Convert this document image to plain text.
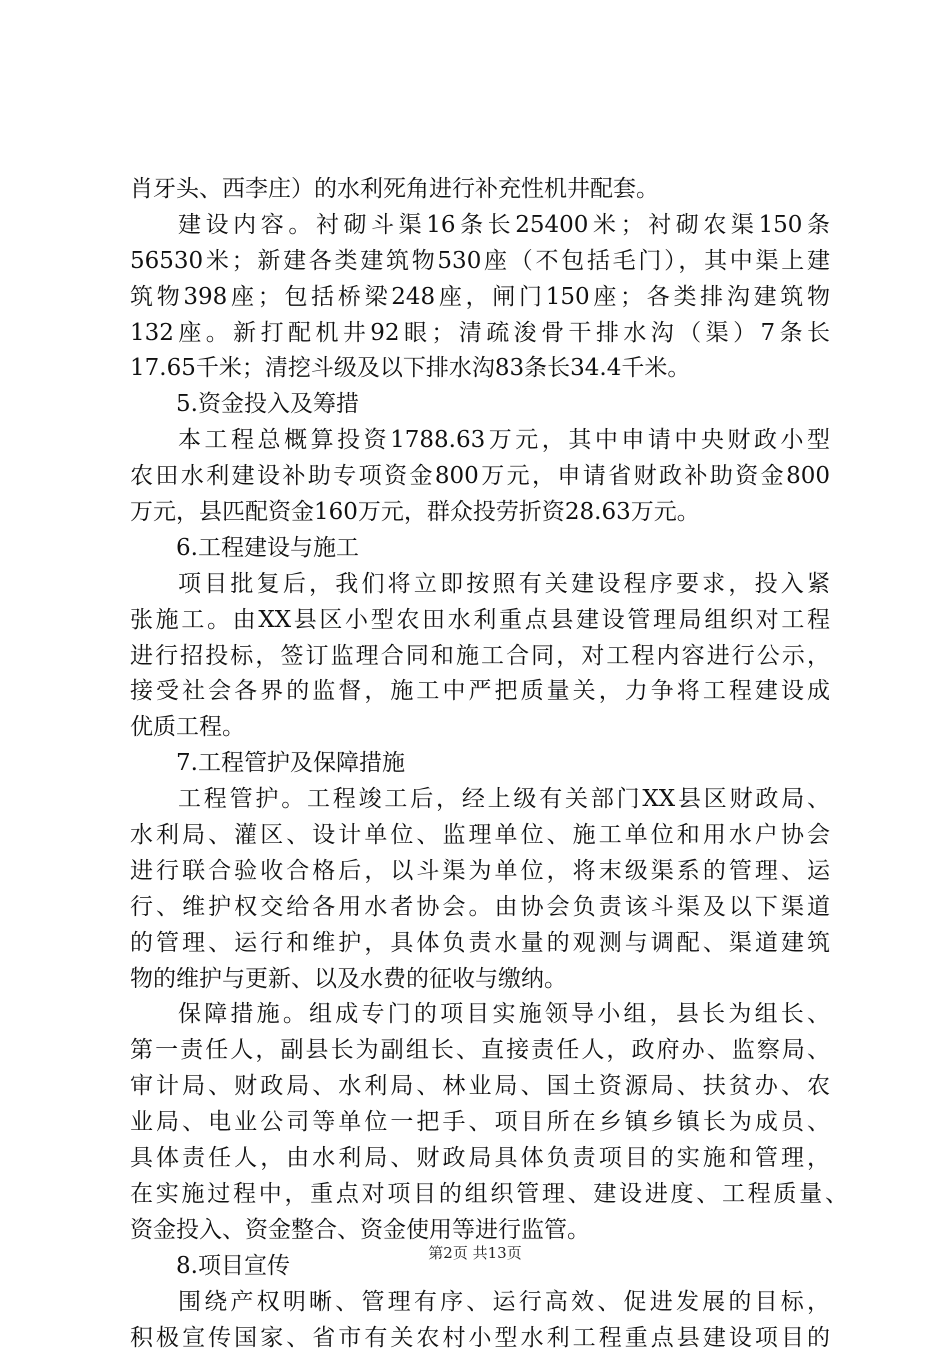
肖牙头、西李庄）的水利死角进行补充性机井配套。
建设内容。衬砌斗渠16条长25400米；衬砌农渠150条
56530米；新建各类建筑物530座（不包括毛门），其中渠上建
筑物398座；包括桥梁248座，闸门150座；各类排沟建筑物
132座。新打配机井92眼；清疏浚骨干排水沟（渠）7条长
17.65千米；清挖斗级及以下排水沟83条长34.4千米。
5.资金投入及筹措
本工程总概算投资1788.63万元，其中申请中央财政小型
农田水利建设补助专项资金800万元，申请省财政补助资金800
万元，县匹配资金160万元，群众投劳折资28.63万元。
6.工程建设与施工
项目批复后，我们将立即按照有关建设程序要求，投入紧
张施工。由XX县区小型农田水利重点县建设管理局组织对工程
进行招投标，签订监理合同和施工合同，对工程内容进行公示，
接受社会各界的监督，施工中严把质量关，力争将工程建设成
优质工程。
7.工程管护及保障措施
工程管护。工程竣工后，经上级有关部门XX县区财政局、
水利局、灌区、设计单位、监理单位、施工单位和用水户协会
进行联合验收合格后，以斗渠为单位，将末级渠系的管理、运
行、维护权交给各用水者协会。由协会负责该斗渠及以下渠道
的管理、运行和维护，具体负责水量的观测与调配、渠道建筑
物的维护与更新、以及水费的征收与缴纳。
保障措施。组成专门的项目实施领导小组，县长为组长、
第一责任人，副县长为副组长、直接责任人，政府办、监察局、
审计局、财政局、水利局、林业局、国土资源局、扶贫办、农
业局、电业公司等单位一把手、项目所在乡镇乡镇长为成员、
具体责任人，由水利局、财政局具体负责项目的实施和管理，
在实施过程中，重点对项目的组织管理、建设进度、工程质量、
资金投入、资金整合、资金使用等进行监管。
8.项目宣传
围绕产权明晰、管理有序、运行高效、促进发展的目标，
积极宣传国家、省市有关农村小型水利工程重点县建设项目的
第2页 共13页
